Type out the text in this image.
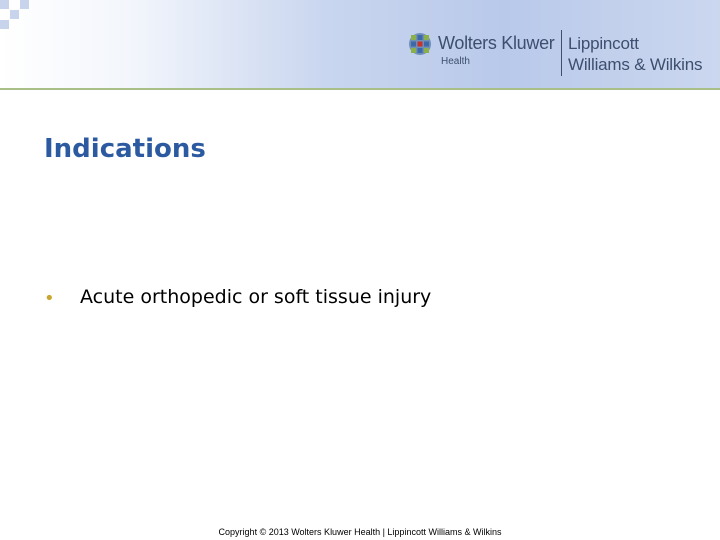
Wolters Kluwer
Health
Lippincott
Williams & Wilkins
Indications
• Acute orthopedic or soft tissue injury
Copyright © 2013 Wolters Kluwer Health | Lippincott Williams & Wilkins
